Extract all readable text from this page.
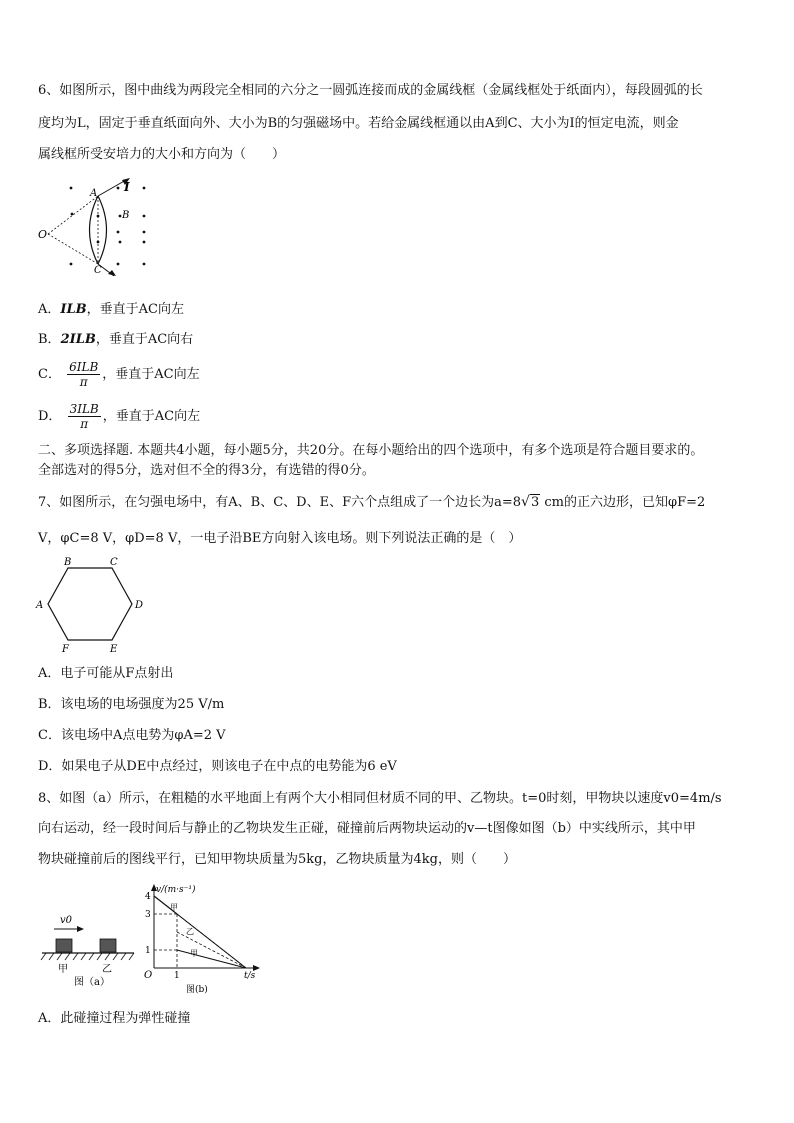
6、如图所示，图中曲线为两段完全相同的六分之一圆弧连接而成的金属线框（金属线框处于纸面内），每段圆弧的长
度均为L，固定于垂直纸面向外、大小为B的匀强磁场中。若给金属线框通以由A到C、大小为I的恒定电流，则金
属线框所受安培力的大小和方向为（　　）
O
A
B
C
I
A．ILB，垂直于AC向左
B．2ILB，垂直于AC向右
C． $\frac{\text{6ILB}}{\pi}$ ，垂直于AC向左
D． $\frac{\text{3ILB}}{\pi}$ ，垂直于AC向左
二、多项选择题. 本题共4小题，每小题5分，共20分。在每小题给出的四个选项中，有多个选项是符合题目要求的。
全部选对的得5分，选对但不全的得3分，有选错的得0分。
7、如图所示，在匀强电场中，有A、B、C、D、E、F六个点组成了一个边长为a=8√3 cm的正六边形，已知φF=2
V，φC=8 V，φD=8 V，一电子沿BE方向射入该电场。则下列说法正确的是（　）
B	C
A	D
F	E
A．电子可能从F点射出
B．该电场的电场强度为25 V/m
C．该电场中A点电势为φA=2 V
D．如果电子从DE中点经过，则该电子在中点的电势能为6 eV
8、如图（a）所示，在粗糙的水平地面上有两个大小相同但材质不同的甲、乙物块。t=0时刻，甲物块以速度v0=4m/s
向右运动，经一段时间后与静止的乙物块发生正碰，碰撞前后两物块运动的v—t图像如图（b）中实线所示，其中甲
物块碰撞前后的图线平行，已知甲物块质量为5kg，乙物块质量为4kg，则（　　）
v0
甲	乙
图（a）
v/(m·s⁻¹)
O
4
3
1
1	t/s
甲
乙
甲
图(b)
A．此碰撞过程为弹性碰撞
